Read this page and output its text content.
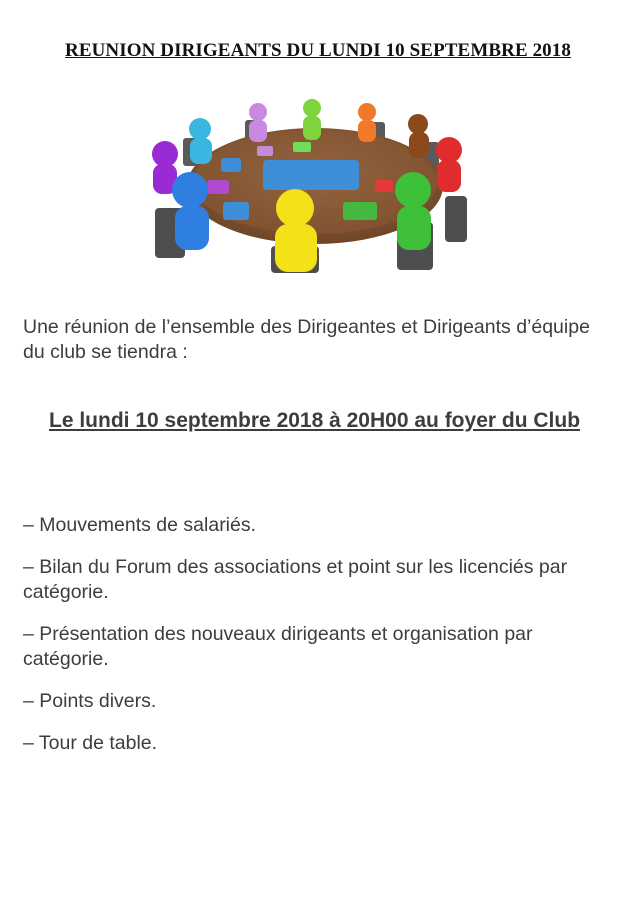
REUNION DIRIGEANTS DU LUNDI 10 SEPTEMBRE 2018
Une réunion de l’ensemble des Dirigeantes et Dirigeants d’équipe du club se tiendra :
Le lundi 10 septembre 2018 à 20H00 au foyer du Club
– Mouvements de salariés.
– Bilan du Forum des associations et point sur les licenciés par catégorie.
– Présentation des nouveaux dirigeants et organisation par catégorie.
– Points divers.
– Tour de table.
